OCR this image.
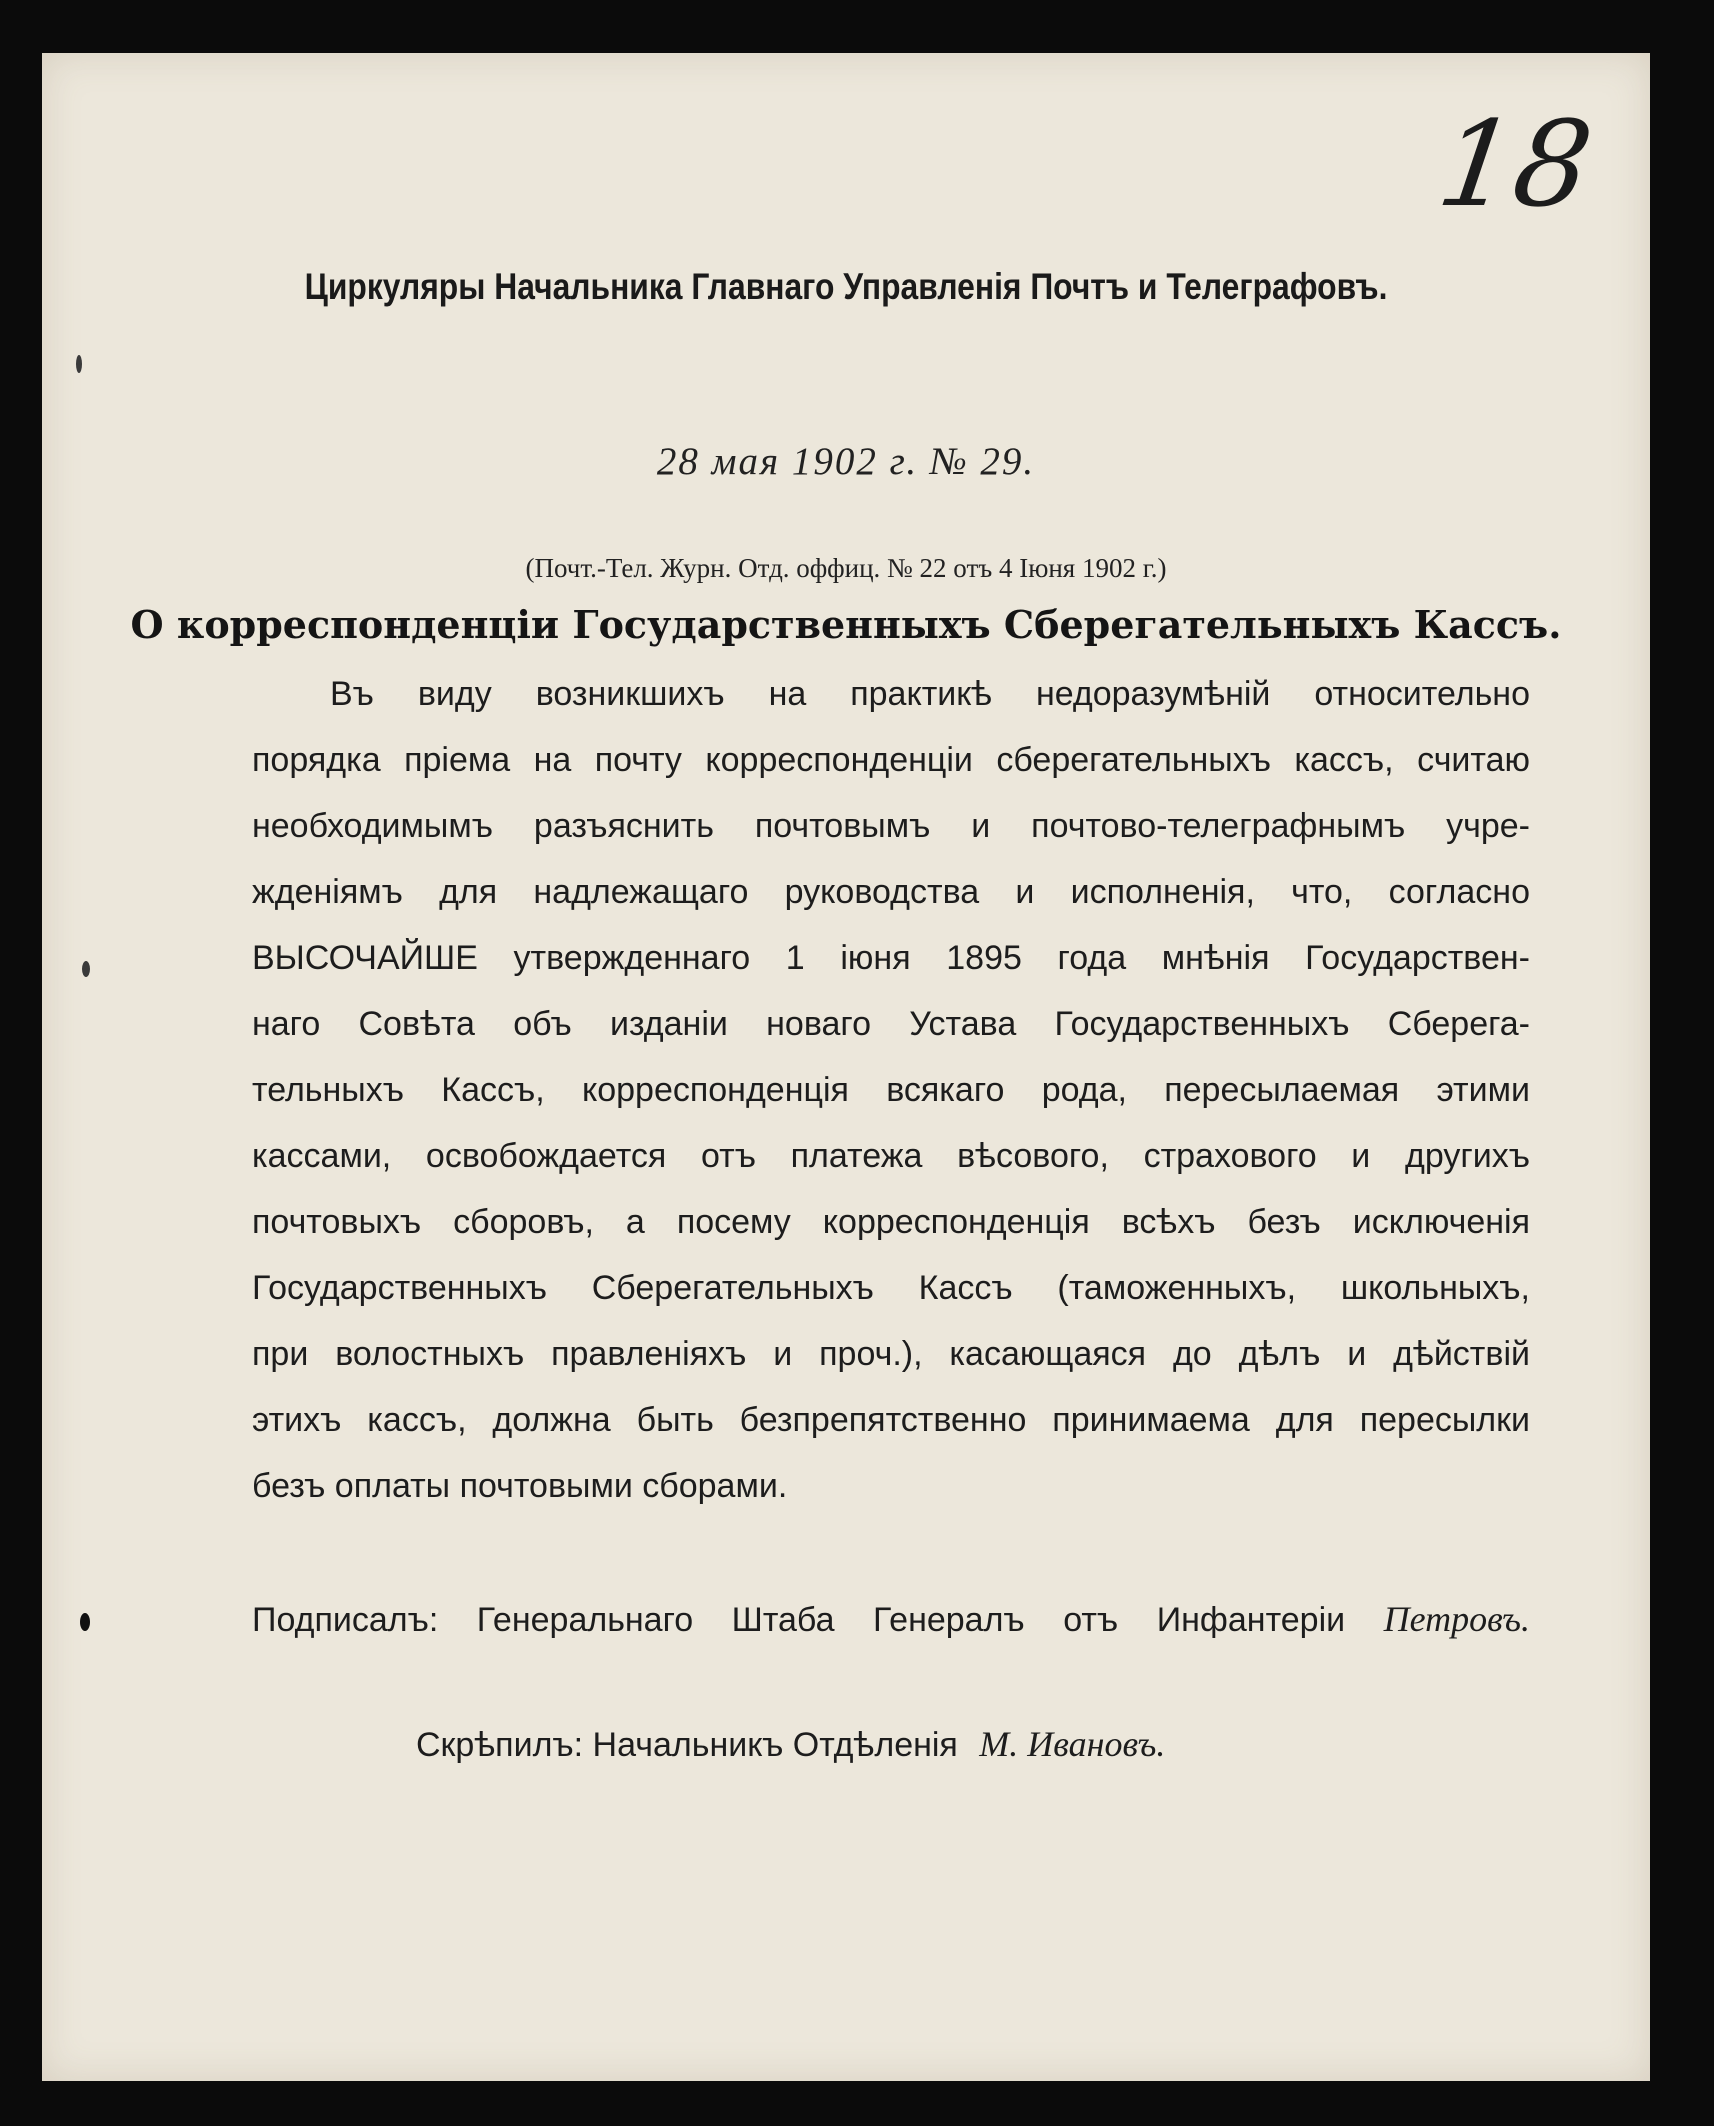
18
Циркуляры Начальника Главнаго Управленія Почтъ и Телеграфовъ.
28 мая 1902 г. № 29.
(Почт.-Тел. Журн. Отд. оффиц. № 22 отъ 4 Іюня 1902 г.)
О корреспонденціи Государственныхъ Сберегательныхъ Кассъ.
Въ виду возникшихъ на практикѣ недоразумѣній относительно
порядка пріема на почту корреспонденціи сберегательныхъ кассъ, считаю
необходимымъ разъяснить почтовымъ и почтово-телеграфнымъ учре-
жденіямъ для надлежащаго руководства и исполненія, что, согласно
ВЫСОЧАЙШЕ утвержденнаго 1 іюня 1895 года мнѣнія Государствен-
наго Совѣта объ изданіи новаго Устава Государственныхъ Сберега-
тельныхъ Кассъ, корреспонденція всякаго рода, пересылаемая этими
кассами, освобождается отъ платежа вѣсового, страхового и другихъ
почтовыхъ сборовъ, а посему корреспонденція всѣхъ безъ исключенія
Государственныхъ Сберегательныхъ Кассъ (таможенныхъ, школьныхъ,
при волостныхъ правленіяхъ и проч.), касающаяся до дѣлъ и дѣйствій
этихъ кассъ, должна быть безпрепятственно принимаема для пересылки
безъ оплаты почтовыми сборами.
Подписалъ: Генеральнаго Штаба Генералъ отъ Инфантеріи Петровъ.
Скрѣпилъ: Начальникъ Отдѣленія М. Ивановъ.
